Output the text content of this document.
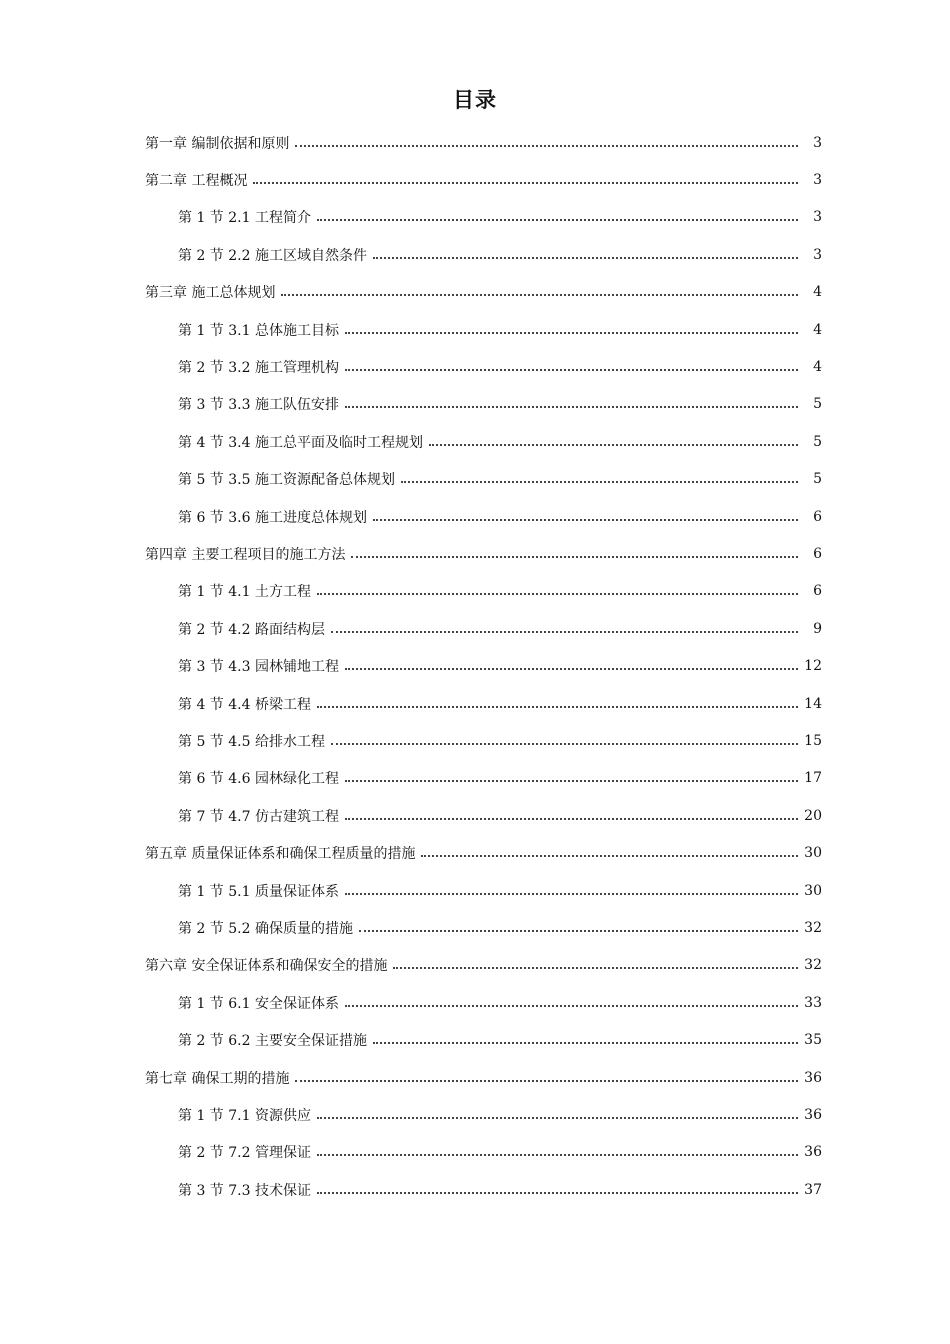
目录
第一章 编制依据和原则	3
第二章 工程概况	3
第 1 节 2.1 工程简介	3
第 2 节 2.2 施工区域自然条件	3
第三章 施工总体规划	4
第 1 节 3.1 总体施工目标	4
第 2 节 3.2 施工管理机构	4
第 3 节 3.3 施工队伍安排	5
第 4 节 3.4 施工总平面及临时工程规划	5
第 5 节 3.5 施工资源配备总体规划	5
第 6 节 3.6 施工进度总体规划	6
第四章 主要工程项目的施工方法	6
第 1 节 4.1 土方工程	6
第 2 节 4.2 路面结构层	9
第 3 节 4.3 园林铺地工程	12
第 4 节 4.4 桥梁工程	14
第 5 节 4.5 给排水工程	15
第 6 节 4.6 园林绿化工程	17
第 7 节 4.7 仿古建筑工程	20
第五章 质量保证体系和确保工程质量的措施	30
第 1 节 5.1 质量保证体系	30
第 2 节 5.2 确保质量的措施	32
第六章 安全保证体系和确保安全的措施	32
第 1 节 6.1 安全保证体系	33
第 2 节 6.2 主要安全保证措施	35
第七章 确保工期的措施	36
第 1 节 7.1 资源供应	36
第 2 节 7.2 管理保证	36
第 3 节 7.3 技术保证	37
